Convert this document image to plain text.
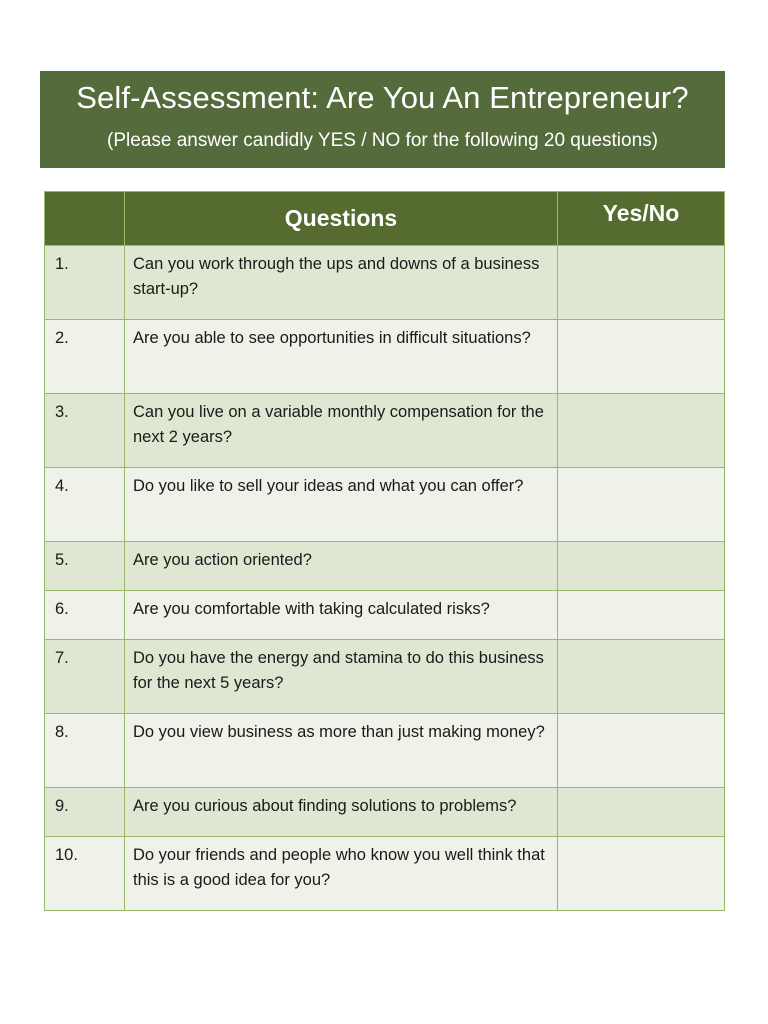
Self-Assessment: Are You An Entrepreneur?
(Please answer candidly YES / NO for the following 20 questions)
	Questions	Yes/No
1.	Can you work through the ups and downs of a business start-up?	
2.	Are you able to see opportunities in difficult situations?	
3.	Can you live on a variable monthly compensation for the next 2 years?	
4.	Do you like to sell your ideas and what you can offer?	
5.	Are you action oriented?	
6.	Are you comfortable with taking calculated risks?	
7.	Do you have the energy and stamina to do this business for the next 5 years?	
8.	Do you view business as more than just making money?	
9.	Are you curious about finding solutions to problems?	
10.	Do your friends and people who know you well think that this is a good idea for you?	
